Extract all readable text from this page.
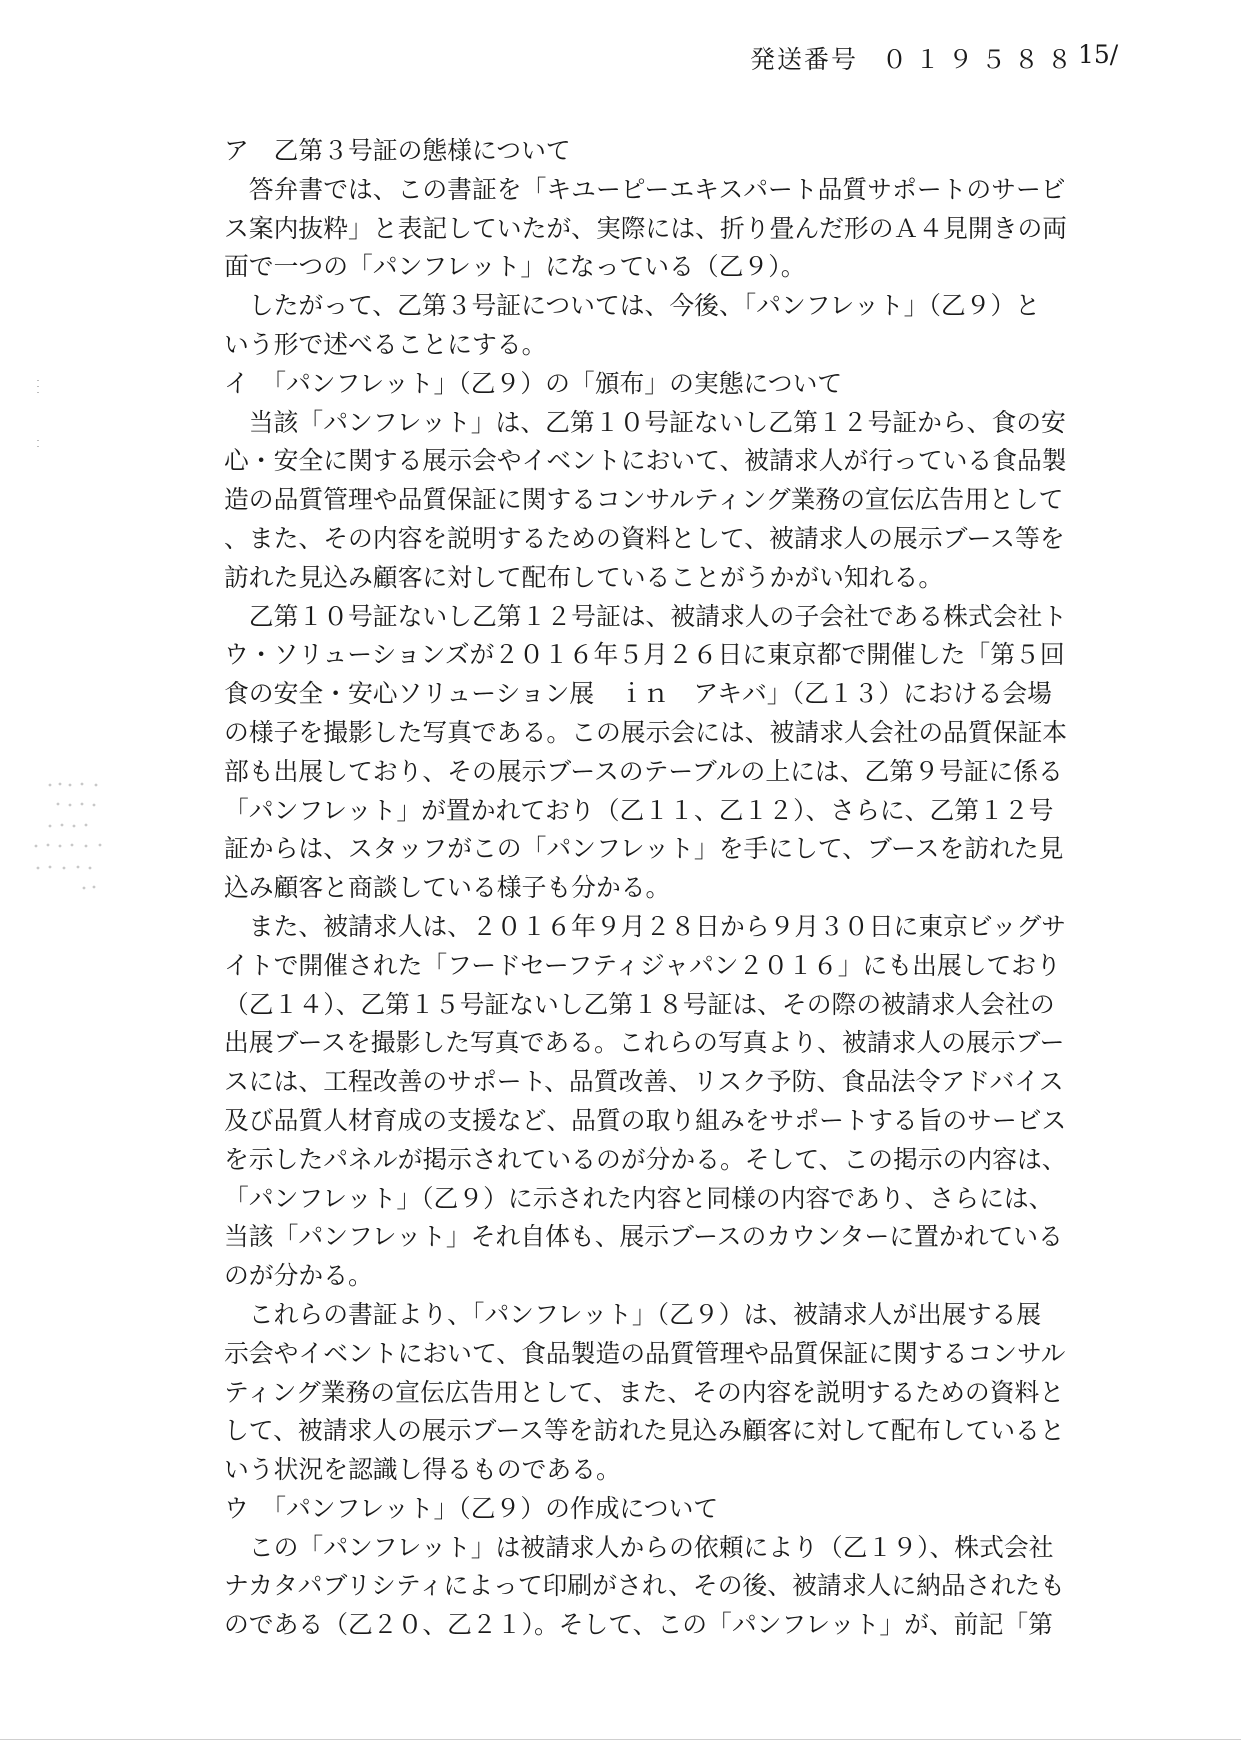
発送番号 ０１９５８８
15/
ア　乙第３号証の態様について
　答弁書では、この書証を「キユーピーエキスパート品質サポートのサービ
ス案内抜粋」と表記していたが、実際には、折り畳んだ形のＡ４見開きの両
面で一つの「パンフレット」になっている（乙９）。
　したがって、乙第３号証については、今後、「パンフレット」（乙９）と
いう形で述べることにする。
イ　「パンフレット」（乙９）の「頒布」の実態について
　当該「パンフレット」は、乙第１０号証ないし乙第１２号証から、食の安
心・安全に関する展示会やイベントにおいて、被請求人が行っている食品製
造の品質管理や品質保証に関するコンサルティング業務の宣伝広告用として
、また、その内容を説明するための資料として、被請求人の展示ブース等を
訪れた見込み顧客に対して配布していることがうかがい知れる。
　乙第１０号証ないし乙第１２号証は、被請求人の子会社である株式会社ト
ウ・ソリューションズが２０１６年５月２６日に東京都で開催した「第５回
食の安全・安心ソリューション展　ｉｎ　アキバ」（乙１３）における会場
の様子を撮影した写真である。この展示会には、被請求人会社の品質保証本
部も出展しており、その展示ブースのテーブルの上には、乙第９号証に係る
「パンフレット」が置かれており（乙１１、乙１２）、さらに、乙第１２号
証からは、スタッフがこの「パンフレット」を手にして、ブースを訪れた見
込み顧客と商談している様子も分かる。
　また、被請求人は、２０１６年９月２８日から９月３０日に東京ビッグサ
イトで開催された「フードセーフティジャパン２０１６」にも出展しており
（乙１４）、乙第１５号証ないし乙第１８号証は、その際の被請求人会社の
出展ブースを撮影した写真である。これらの写真より、被請求人の展示ブー
スには、工程改善のサポート、品質改善、リスク予防、食品法令アドバイス
及び品質人材育成の支援など、品質の取り組みをサポートする旨のサービス
を示したパネルが掲示されているのが分かる。そして、この掲示の内容は、
「パンフレット」（乙９）に示された内容と同様の内容であり、さらには、
当該「パンフレット」それ自体も、展示ブースのカウンターに置かれている
のが分かる。
　これらの書証より、「パンフレット」（乙９）は、被請求人が出展する展
示会やイベントにおいて、食品製造の品質管理や品質保証に関するコンサル
ティング業務の宣伝広告用として、また、その内容を説明するための資料と
して、被請求人の展示ブース等を訪れた見込み顧客に対して配布していると
いう状況を認識し得るものである。
ウ　「パンフレット」（乙９）の作成について
　この「パンフレット」は被請求人からの依頼により（乙１９）、株式会社
ナカタパブリシティによって印刷がされ、その後、被請求人に納品されたも
のである（乙２０、乙２１）。そして、この「パンフレット」が、前記「第
